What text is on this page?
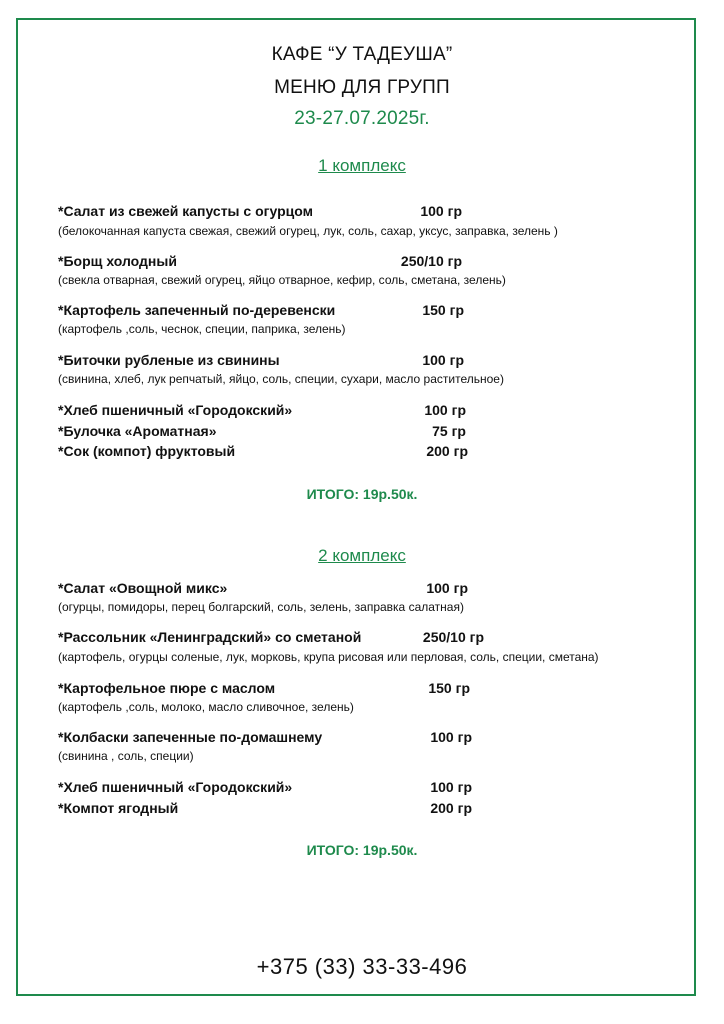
КАФЕ “У ТАДЕУША”
МЕНЮ ДЛЯ ГРУПП
23-27.07.2025г.
1 комплекс
*Салат из свежей капусты с огурцом	100 гр
(белокочанная капуста свежая, свежий огурец, лук, соль, сахар, уксус, заправка, зелень )
*Борщ холодный	250/10 гр
(свекла отварная, свежий огурец, яйцо отварное, кефир, соль, сметана, зелень)
*Картофель запеченный по-деревенски	150 гр
(картофель ,соль, чеснок, специи, паприка, зелень)
*Биточки рубленые из свинины	100 гр
(свинина, хлеб, лук репчатый, яйцо, соль, специи, сухари, масло растительное)
*Хлеб пшеничный «Городокский»	100 гр
*Булочка «Ароматная»	75 гр
*Сок (компот) фруктовый	200 гр
ИТОГО: 19р.50к.
2 комплекс
*Салат «Овощной микс»	100 гр
(огурцы, помидоры, перец болгарский, соль, зелень, заправка салатная)
*Рассольник «Ленинградский» со сметаной	250/10 гр
(картофель, огурцы соленые, лук, морковь, крупа рисовая или перловая, соль, специи, сметана)
*Картофельное пюре с маслом	150 гр
(картофель ,соль, молоко, масло сливочное, зелень)
*Колбаски запеченные по-домашнему	100 гр
(свинина , соль, специи)
*Хлеб пшеничный «Городокский»	100 гр
*Компот ягодный	200 гр
ИТОГО: 19р.50к.
+375 (33) 33-33-496
